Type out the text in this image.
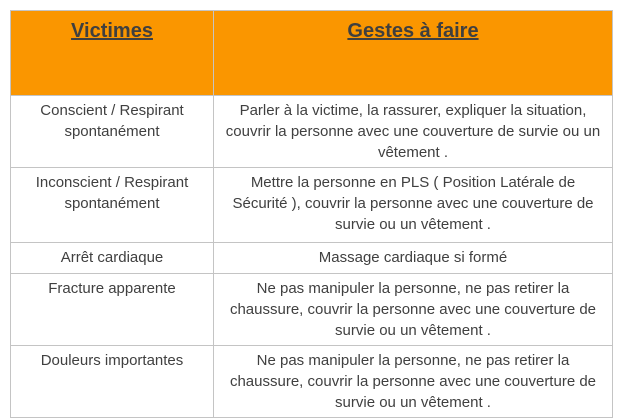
Victimes	Gestes à faire
Conscient / Respirant spontanément	Parler à la victime, la rassurer, expliquer la situation, couvrir la personne avec une couverture de survie ou un vêtement .
Inconscient / Respirant spontanément	Mettre la personne en PLS ( Position Latérale de Sécurité ), couvrir la personne avec une couverture de survie ou un vêtement .
Arrêt cardiaque	Massage cardiaque si formé
Fracture apparente	Ne pas manipuler la personne, ne pas retirer la chaussure, couvrir la personne avec une couverture de survie ou un vêtement .
Douleurs importantes	Ne pas manipuler la personne, ne pas retirer la chaussure, couvrir la personne avec une couverture de survie ou un vêtement .
